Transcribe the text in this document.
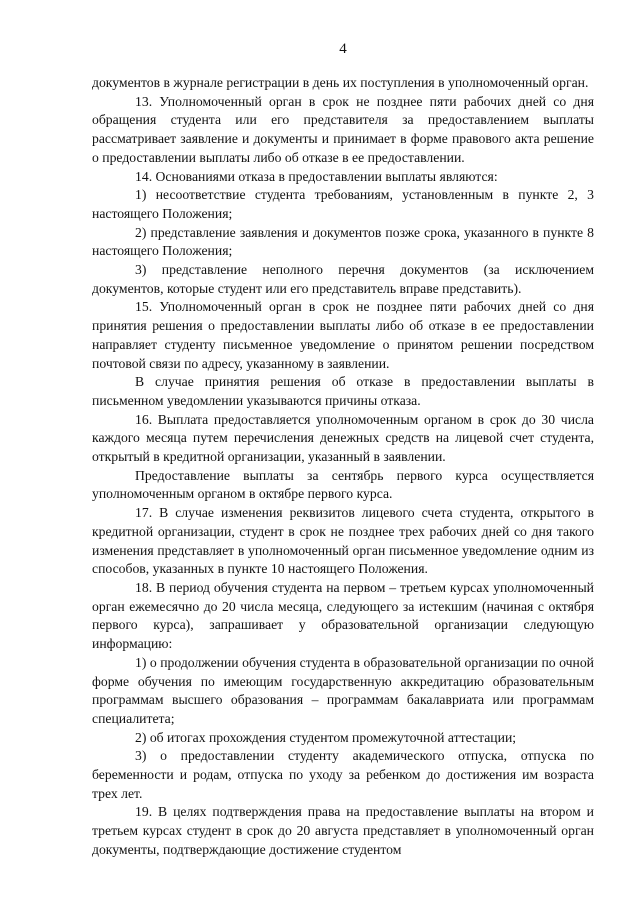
4

документов в журнале регистрации в день их поступления в уполномоченный орган.

13. Уполномоченный орган в срок не позднее пяти рабочих дней со дня обращения студента или его представителя за предоставлением выплаты рассматривает заявление и документы и принимает в форме правового акта решение о предоставлении выплаты либо об отказе в ее предоставлении.

14. Основаниями отказа в предоставлении выплаты являются:

1) несоответствие студента требованиям, установленным в пункте 2, 3 настоящего Положения;

2) представление заявления и документов позже срока, указанного в пункте 8 настоящего Положения;

3) представление неполного перечня документов (за исключением документов, которые студент или его представитель вправе представить).

15. Уполномоченный орган в срок не позднее пяти рабочих дней со дня принятия решения о предоставлении выплаты либо об отказе в ее предоставлении направляет студенту письменное уведомление о принятом решении посредством почтовой связи по адресу, указанному в заявлении.

В случае принятия решения об отказе в предоставлении выплаты в письменном уведомлении указываются причины отказа.

16. Выплата предоставляется уполномоченным органом в срок до 30 числа каждого месяца путем перечисления денежных средств на лицевой счет студента, открытый в кредитной организации, указанный в заявлении.

Предоставление выплаты за сентябрь первого курса осуществляется уполномоченным органом в октябре первого курса.

17. В случае изменения реквизитов лицевого счета студента, открытого в кредитной организации, студент в срок не позднее трех рабочих дней со дня такого изменения представляет в уполномоченный орган письменное уведомление одним из способов, указанных в пункте 10 настоящего Положения.

18. В период обучения студента на первом – третьем курсах уполномоченный орган ежемесячно до 20 числа месяца, следующего за истекшим (начиная с октября первого курса), запрашивает у образовательной организации следующую информацию:

1) о продолжении обучения студента в образовательной организации по очной форме обучения по имеющим государственную аккредитацию образовательным программам высшего образования – программам бакалавриата или программам специалитета;

2) об итогах прохождения студентом промежуточной аттестации;

3) о предоставлении студенту академического отпуска, отпуска по беременности и родам, отпуска по уходу за ребенком до достижения им возраста трех лет.

19. В целях подтверждения права на предоставление выплаты на втором и третьем курсах студент в срок до 20 августа представляет в уполномоченный орган документы, подтверждающие достижение студентом
